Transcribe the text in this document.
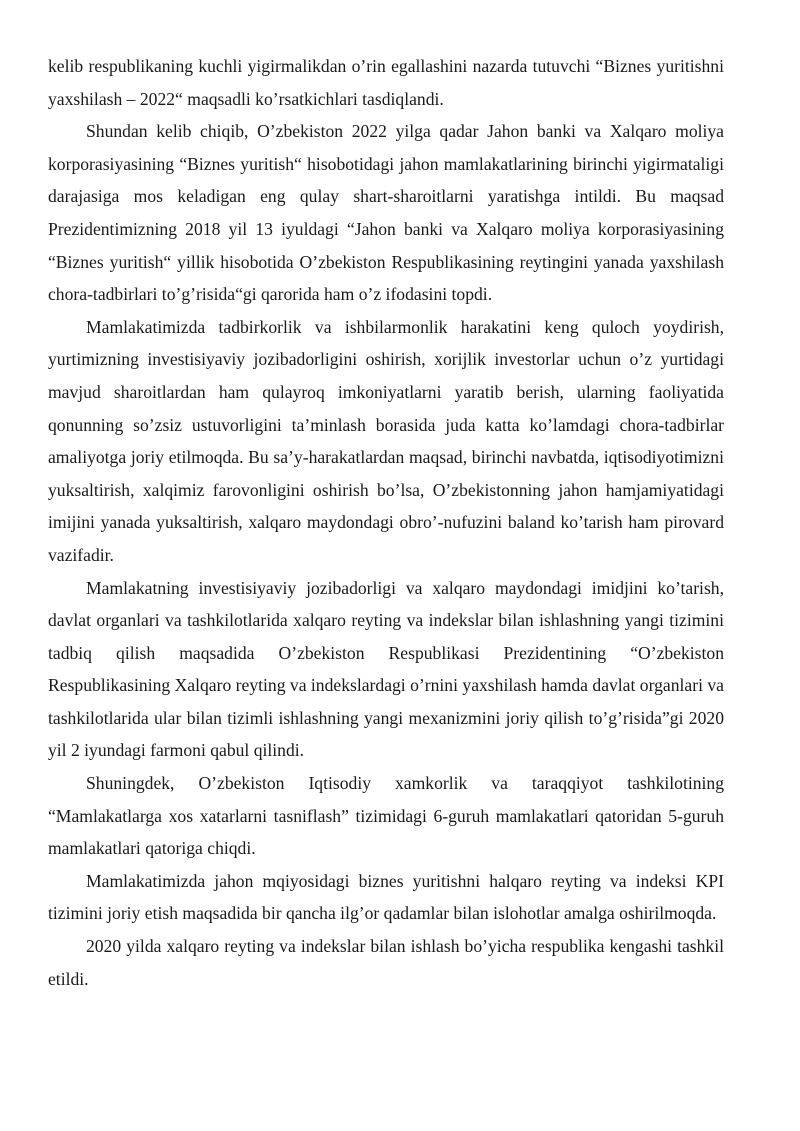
kelib respublikaning kuchli yigirmalikdan o’rin egallashini nazarda tutuvchi “Biznes yuritishni yaxshilash – 2022“ maqsadli ko’rsatkichlari tasdiqlandi.

Shundan kelib chiqib, O’zbekiston 2022 yilga qadar Jahon banki va Xalqaro moliya korporasiyasining “Biznes yuritish“ hisobotidagi jahon mamlakatlarining birinchi yigirmataligi darajasiga mos keladigan eng qulay shart-sharoitlarni yaratishga intildi. Bu maqsad Prezidentimizning 2018 yil 13 iyuldagi “Jahon banki va Xalqaro moliya korporasiyasining “Biznes yuritish“ yillik hisobotida O’zbekiston Respublikasining reytingini yanada yaxshilash chora-tadbirlari to’g’risida“gi qarorida ham o’z ifodasini topdi.

Mamlakatimizda tadbirkorlik va ishbilarmonlik harakatini keng quloch yoydirish, yurtimizning investisiyaviy jozibadorligini oshirish, xorijlik investorlar uchun o’z yurtidagi mavjud sharoitlardan ham qulayroq imkoniyatlarni yaratib berish, ularning faoliyatida qonunning so’zsiz ustuvorligini ta’minlash borasida juda katta ko’lamdagi chora-tadbirlar amaliyotga joriy etilmoqda. Bu sa’y-harakatlardan maqsad, birinchi navbatda, iqtisodiyotimizni yuksaltirish, xalqimiz farovonligini oshirish bo’lsa, O’zbekistonning jahon hamjamiyatidagi imijini yanada yuksaltirish, xalqaro maydondagi obro’-nufuzini baland ko’tarish ham pirovard vazifadir.

Mamlakatning investisiyaviy jozibadorligi va xalqaro maydondagi imidjini ko’tarish, davlat organlari va tashkilotlarida xalqaro reyting va indekslar bilan ishlashning yangi tizimini tadbiq qilish maqsadida O’zbekiston Respublikasi Prezidentining “O’zbekiston Respublikasining Xalqaro reyting va indekslardagi o’rnini yaxshilash hamda davlat organlari va tashkilotlarida ular bilan tizimli ishlashning yangi mexanizmini joriy qilish to’g’risida”gi 2020 yil 2 iyundagi farmoni qabul qilindi.

Shuningdek, O’zbekiston Iqtisodiy xamkorlik va taraqqiyot tashkilotining “Mamlakatlarga xos xatarlarni tasniflash” tizimidagi 6-guruh mamlakatlari qatoridan 5-guruh mamlakatlari qatoriga chiqdi.

Mamlakatimizda jahon mqiyosidagi biznes yuritishni halqaro reyting va indeksi KPI tizimini joriy etish maqsadida bir qancha ilg’or qadamlar bilan islohotlar amalga oshirilmoqda.

2020 yilda xalqaro reyting va indekslar bilan ishlash bo’yicha respublika kengashi tashkil etildi.
